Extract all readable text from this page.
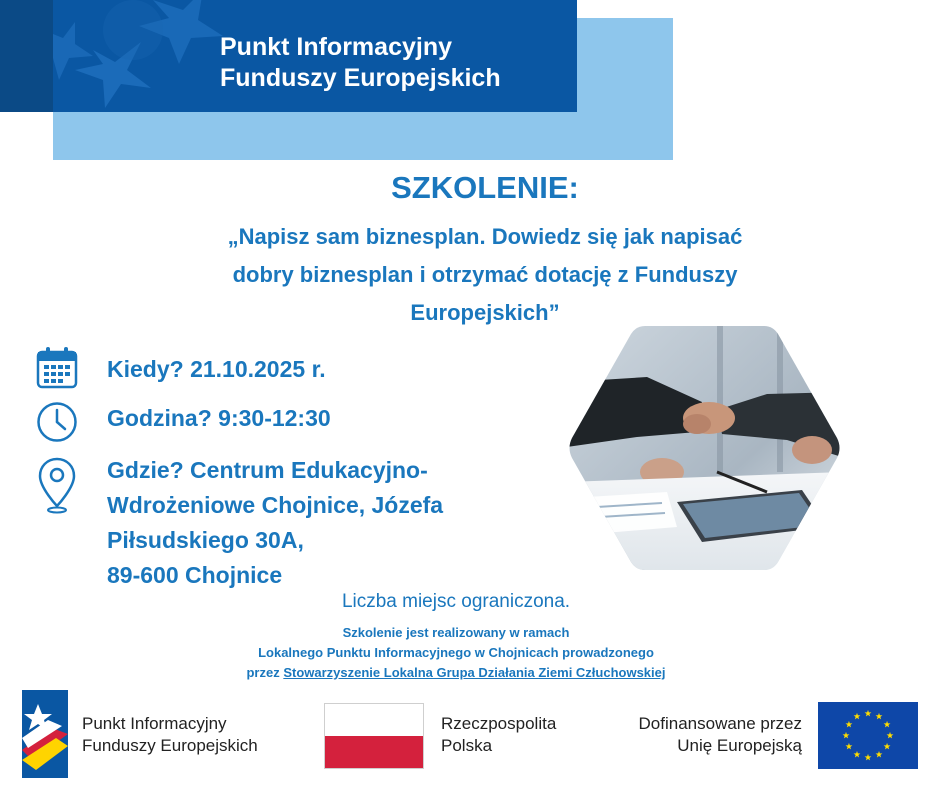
Punkt Informacyjny
Funduszy Europejskich
SZKOLENIE:
„Napisz sam biznesplan. Dowiedz się jak napisać
dobry biznesplan i otrzymać dotację z Funduszy
Europejskich”
Kiedy? 21.10.2025 r.
Godzina? 9:30-12:30
Gdzie? Centrum Edukacyjno-
Wdrożeniowe Chojnice, Józefa
Piłsudskiego 30A,
89-600 Chojnice
Liczba miejsc ograniczona.
Szkolenie jest realizowany w ramach
Lokalnego Punktu Informacyjnego w Chojnicach prowadzonego
przez Stowarzyszenie Lokalna Grupa Działania Ziemi Człuchowskiej
Punkt Informacyjny
Funduszy Europejskich
Rzeczpospolita
Polska
Dofinansowane przez
Unię Europejską
